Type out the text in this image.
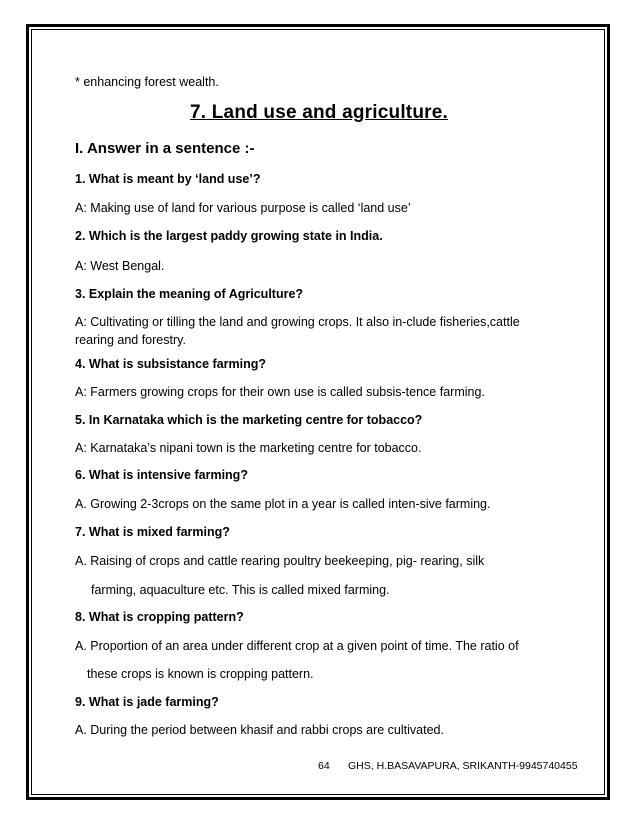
* enhancing forest wealth.
7. Land use and agriculture.
I. Answer in a sentence :-
1. What is meant by ‘land use’?
A: Making use of land for various purpose is called ‘land use’
2. Which is the largest paddy growing state in India.
A: West Bengal.
3. Explain the meaning of Agriculture?
A: Cultivating or tilling the land and growing crops. It also in-clude fisheries,cattle
rearing and forestry.
4. What is subsistance farming?
A: Farmers growing crops for their own use is called subsis-tence farming.
5. In Karnataka which is the marketing centre for tobacco?
A: Karnataka’s nipani town is the marketing centre for tobacco.
6. What is intensive farming?
A. Growing 2-3crops on the same plot in a year is called inten-sive farming.
7. What is mixed farming?
A. Raising of crops and cattle rearing poultry beekeeping, pig- rearing, silk
farming, aquaculture etc. This is called mixed farming.
8. What is cropping pattern?
A. Proportion of an area under different crop at a given point of time. The ratio of
these crops is known is cropping pattern.
9. What is jade farming?
A. During the period between khasif and rabbi crops are cultivated.
64 GHS, H.BASAVAPURA, SRIKANTH-9945740455
